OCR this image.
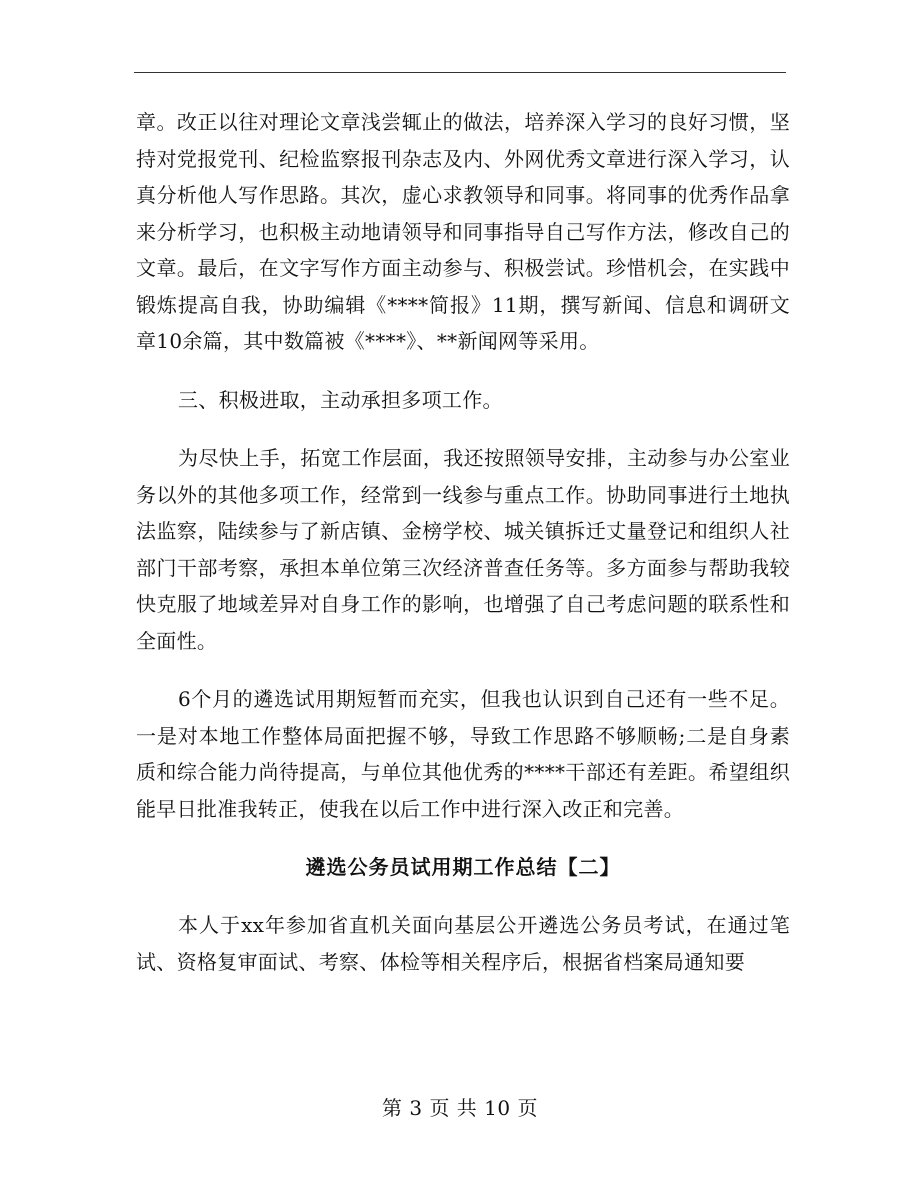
章。改正以往对理论文章浅尝辄止的做法，培养深入学习的良好习惯，坚持对党报党刊、纪检监察报刊杂志及内、外网优秀文章进行深入学习，认真分析他人写作思路。其次，虚心求教领导和同事。将同事的优秀作品拿来分析学习，也积极主动地请领导和同事指导自己写作方法，修改自己的文章。最后，在文字写作方面主动参与、积极尝试。珍惜机会，在实践中锻炼提高自我，协助编辑《****简报》11期，撰写新闻、信息和调研文章10余篇，其中数篇被《****》、**新闻网等采用。

三、积极进取，主动承担多项工作。

为尽快上手，拓宽工作层面，我还按照领导安排，主动参与办公室业务以外的其他多项工作，经常到一线参与重点工作。协助同事进行土地执法监察，陆续参与了新店镇、金榜学校、城关镇拆迁丈量登记和组织人社部门干部考察，承担本单位第三次经济普查任务等。多方面参与帮助我较快克服了地域差异对自身工作的影响，也增强了自己考虑问题的联系性和全面性。

6个月的遴选试用期短暂而充实，但我也认识到自己还有一些不足。一是对本地工作整体局面把握不够，导致工作思路不够顺畅;二是自身素质和综合能力尚待提高，与单位其他优秀的****干部还有差距。希望组织能早日批准我转正，使我在以后工作中进行深入改正和完善。

遴选公务员试用期工作总结【二】

本人于xx年参加省直机关面向基层公开遴选公务员考试，在通过笔试、资格复审面试、考察、体检等相关程序后，根据省档案局通知要

第 3 页 共 10 页
